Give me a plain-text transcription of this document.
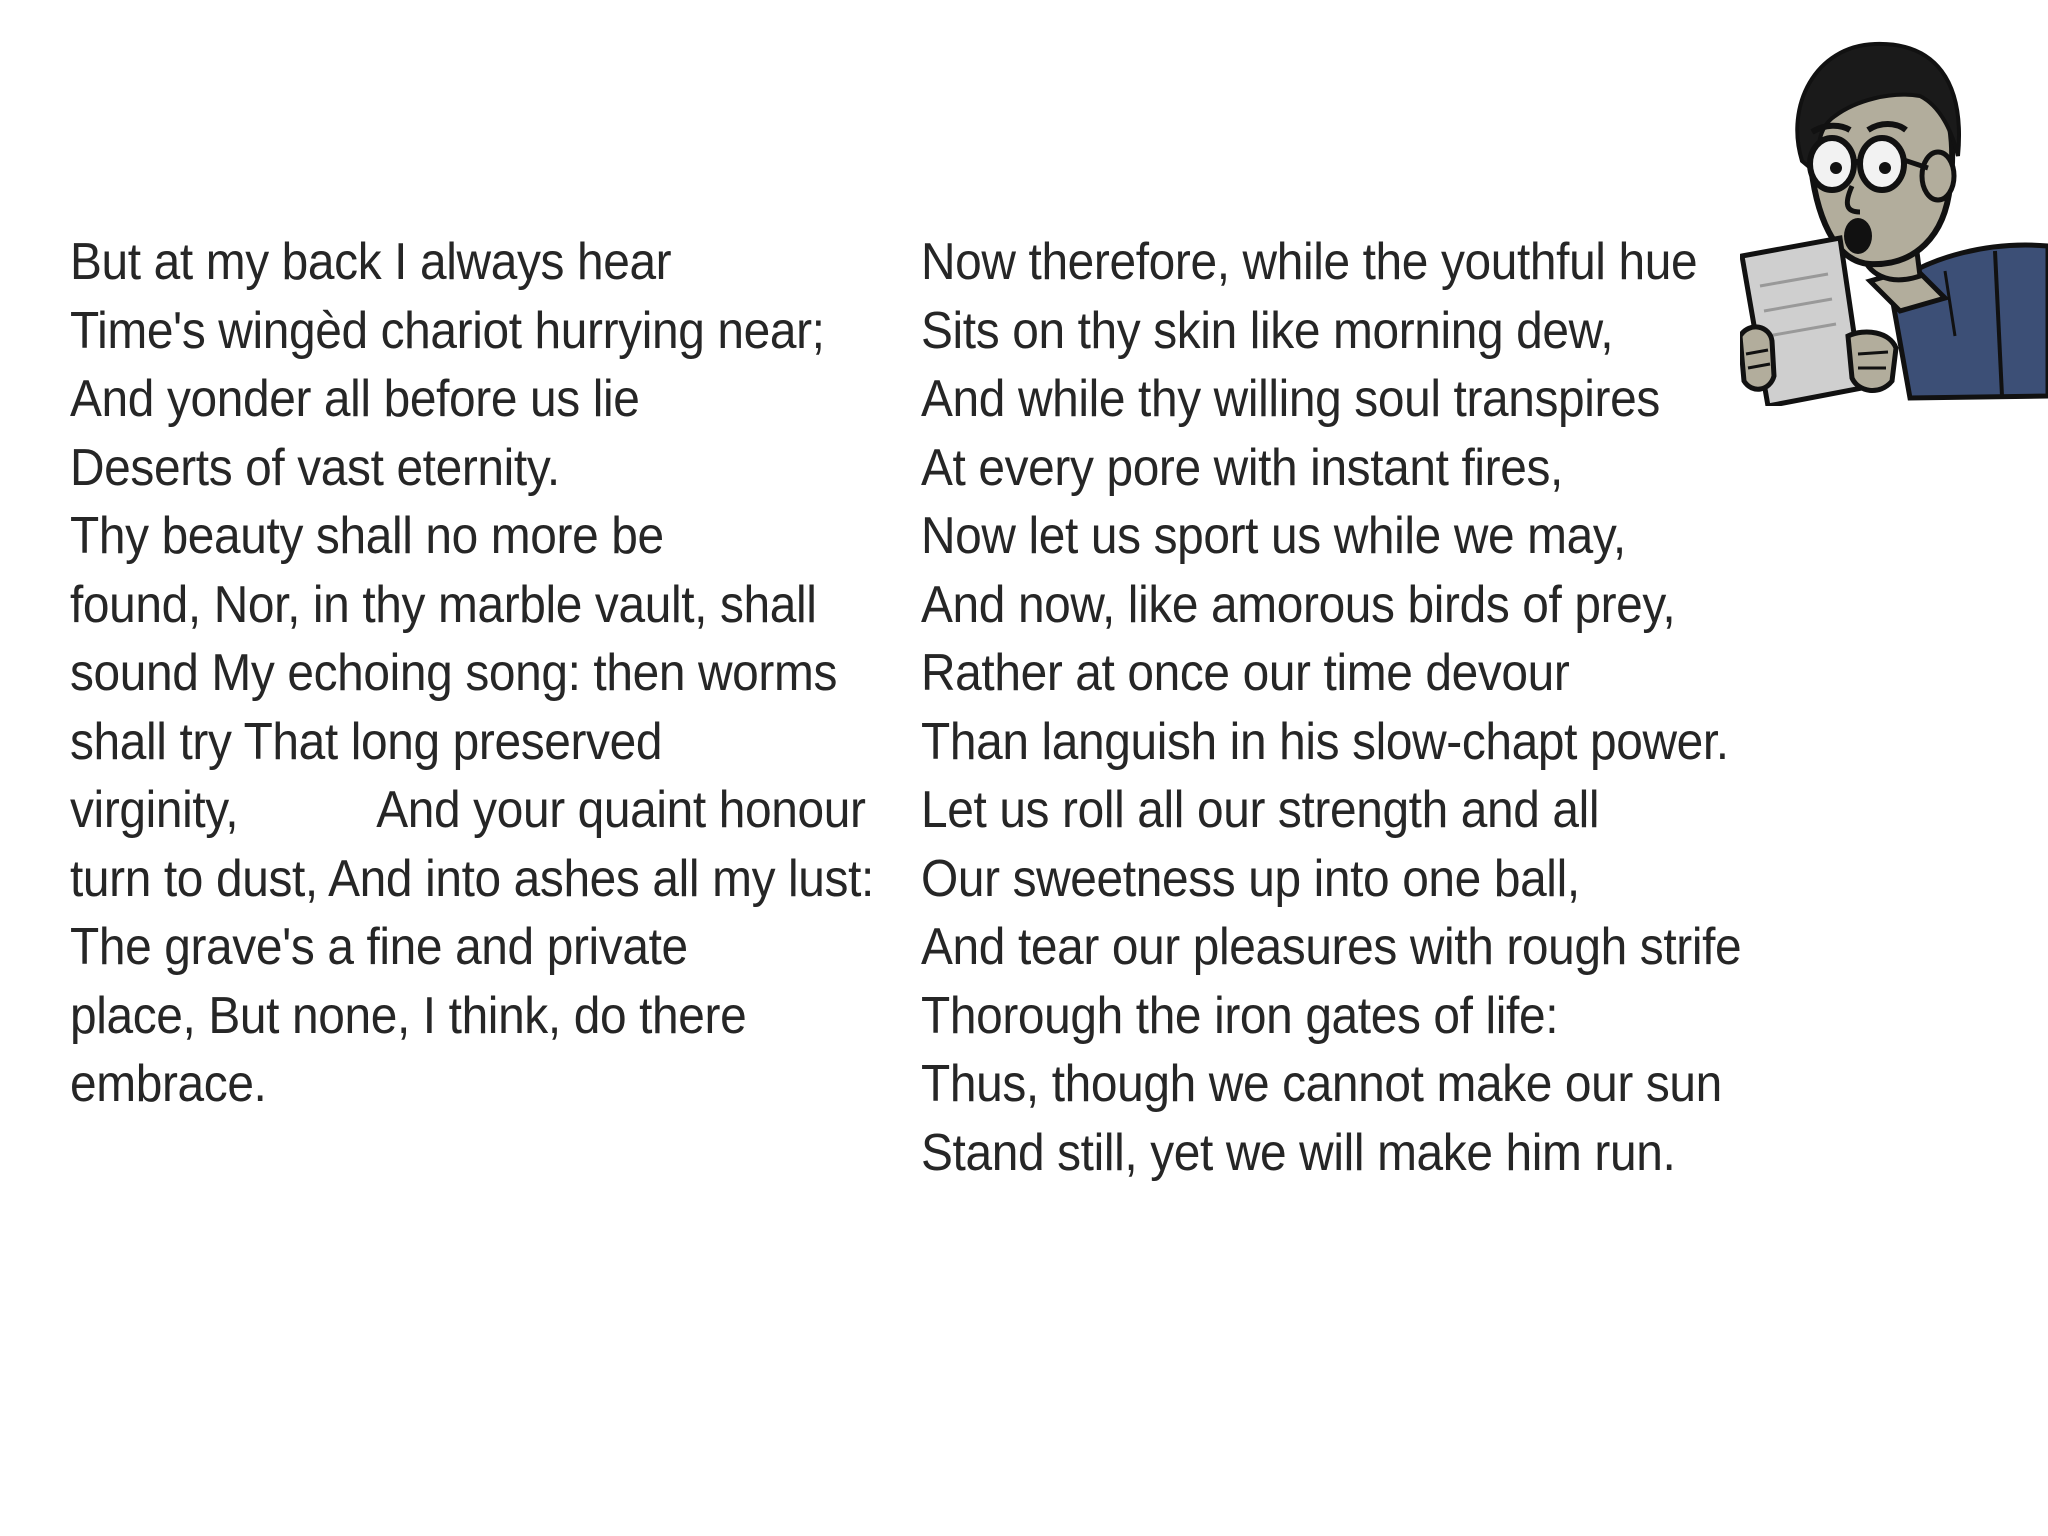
But at my back I always hear
Time's wingèd chariot hurrying near;
And yonder all before us lie
Deserts of vast eternity.
Thy beauty shall no more be
found, Nor, in thy marble vault, shall
sound My echoing song: then worms
shall try That long preserved
virginity,	And your quaint honour
turn to dust, And into ashes all my lust:
The grave's a fine and private
place, But none, I think, do there
embrace.
Now therefore, while the youthful hue
Sits on thy skin like morning dew,
And while thy willing soul transpires
At every pore with instant fires,
Now let us sport us while we may,
And now, like amorous birds of prey,
Rather at once our time devour
Than languish in his slow-chapt power.
Let us roll all our strength and all
Our sweetness up into one ball,
And tear our pleasures with rough strife
Thorough the iron gates of life:
Thus, though we cannot make our sun
Stand still, yet we will make him run.
